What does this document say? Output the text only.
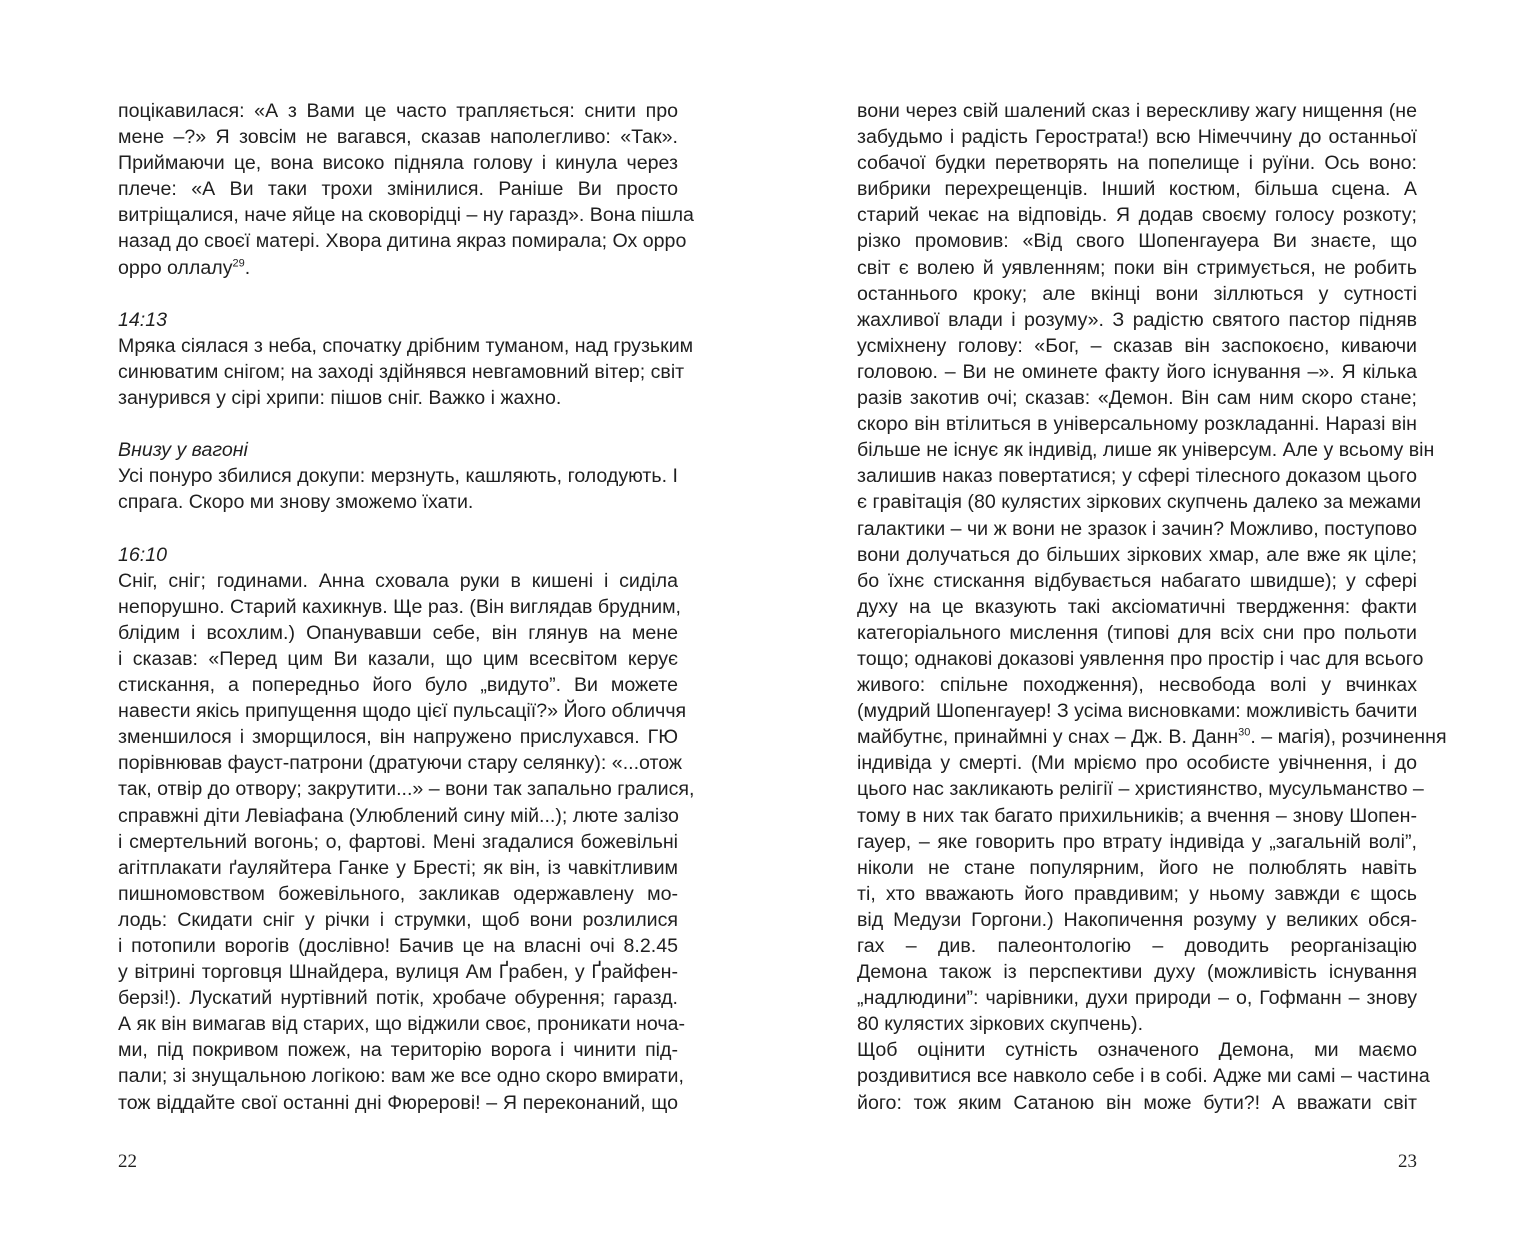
поцікавилася: «А з Вами це часто трапляється: снити про
мене –?» Я зовсім не вагався, сказав наполегливо: «Так».
Приймаючи це, вона високо підняла голову і кинула через
плече: «А Ви таки трохи змінилися. Раніше Ви просто
витріщалися, наче яйце на сковорідці – ну гаразд». Вона пішла
назад до своєї матері. Хвора дитина якраз помирала; Ох орро
орро оллалу$^{29}$.
14:13
Мряка сіялася з неба, спочатку дрібним туманом, над грузьким
синюватим снігом; на заході здійнявся невгамовний вітер; світ
занурився у сірі хрипи: пішов сніг. Важко і жахно.
Внизу у вагоні
Усі понуро збилися докупи: мерзнуть, кашляють, голодують. І
спрага. Скоро ми знову зможемо їхати.
16:10
Сніг, сніг; годинами. Анна сховала руки в кишені і сиділа
непорушно. Старий кахикнув. Ще раз. (Він виглядав брудним,
блідим і всохлим.) Опанувавши себе, він глянув на мене
і сказав: «Перед цим Ви казали, що цим всесвітом керує
стискання, а попередньо його було „видуто”. Ви можете
навести якісь припущення щодо цієї пульсації?» Його обличчя
зменшилося і зморщилося, він напружено прислухався. ГЮ
порівнював фауст-патрони (дратуючи стару селянку): «...отож
так, отвір до отвору; закрутити...» – вони так запально гралися,
справжні діти Левіафана (Улюблений сину мій...); люте залізо
і смертельний вогонь; о, фартові. Мені згадалися божевільні
агітплакати ґауляйтера Ганке у Бресті; як він, із чавкітливим
пишномовством божевільного, закликав одержавлену мо-
лодь: Скидати сніг у річки і струмки, щоб вони розлилися
і потопили ворогів (дослівно! Бачив це на власні очі 8.2.45
у вітрині торговця Шнайдера, вулиця Ам Ґрабен, у Ґрайфен-
берзі!). Лускатий нуртівний потік, хробаче обурення; гаразд.
А як він вимагав від старих, що віджили своє, проникати ноча-
ми, під покривом пожеж, на територію ворога і чинити під-
пали; зі знущальною логікою: вам же все одно скоро вмирати,
тож віддайте свої останні дні Фюрерові! – Я переконаний, що
вони через свій шалений сказ і верескливу жагу нищення (не
забудьмо і радість Герострата!) всю Німеччину до останньої
собачої будки перетворять на попелище і руїни. Ось воно:
вибрики перехрещенців. Інший костюм, більша сцена. А
старий чекає на відповідь. Я додав своєму голосу розкоту;
різко промовив: «Від свого Шопенгауера Ви знаєте, що
світ є волею й уявленням; поки він стримується, не робить
останнього кроку; але вкінці вони зіллються у сутності
жахливої влади і розуму». З радістю святого пастор підняв
усміхнену голову: «Бог, – сказав він заспокоєно, киваючи
головою. – Ви не оминете факту його існування –». Я кілька
разів закотив очі; сказав: «Демон. Він сам ним скоро стане;
скоро він втілиться в універсальному розкладанні. Наразі він
більше не існує як індивід, лише як універсум. Але у всьому він
залишив наказ повертатися; у сфері тілесного доказом цього
є гравітація (80 кулястих зіркових скупчень далеко за межами
галактики – чи ж вони не зразок і зачин? Можливо, поступово
вони долучаться до більших зіркових хмар, але вже як ціле;
бо їхнє стискання відбувається набагато швидше); у сфері
духу на це вказують такі аксіоматичні твердження: факти
категоріального мислення (типові для всіх сни про польоти
тощо; однакові доказові уявлення про простір і час для всього
живого: спільне походження), несвобода волі у вчинках
(мудрий Шопенгауер! З усіма висновками: можливість бачити
майбутнє, принаймні у снах – Дж. В. Данн$^{30}$. – магія), розчинення
індивіда у смерті. (Ми мріємо про особисте увічнення, і до
цього нас закликають релігії – християнство, мусульманство –
тому в них так багато прихильників; а вчення – знову Шопен-
гауер, – яке говорить про втрату індивіда у „загальній волі”,
ніколи не стане популярним, його не полюблять навіть
ті, хто вважають його правдивим; у ньому завжди є щось
від Медузи Горгони.) Накопичення розуму у великих обся-
гах – див. палеонтологію – доводить реорганізацію
Демона також із перспективи духу (можливість існування
„надлюдини”: чарівники, духи природи – о, Гофманн – знову
80 кулястих зіркових скупчень).
Щоб оцінити сутність означеного Демона, ми маємо
роздивитися все навколо себе і в собі. Адже ми самі – частина
його: тож яким Сатаною він може бути?! А вважати світ
22	23
